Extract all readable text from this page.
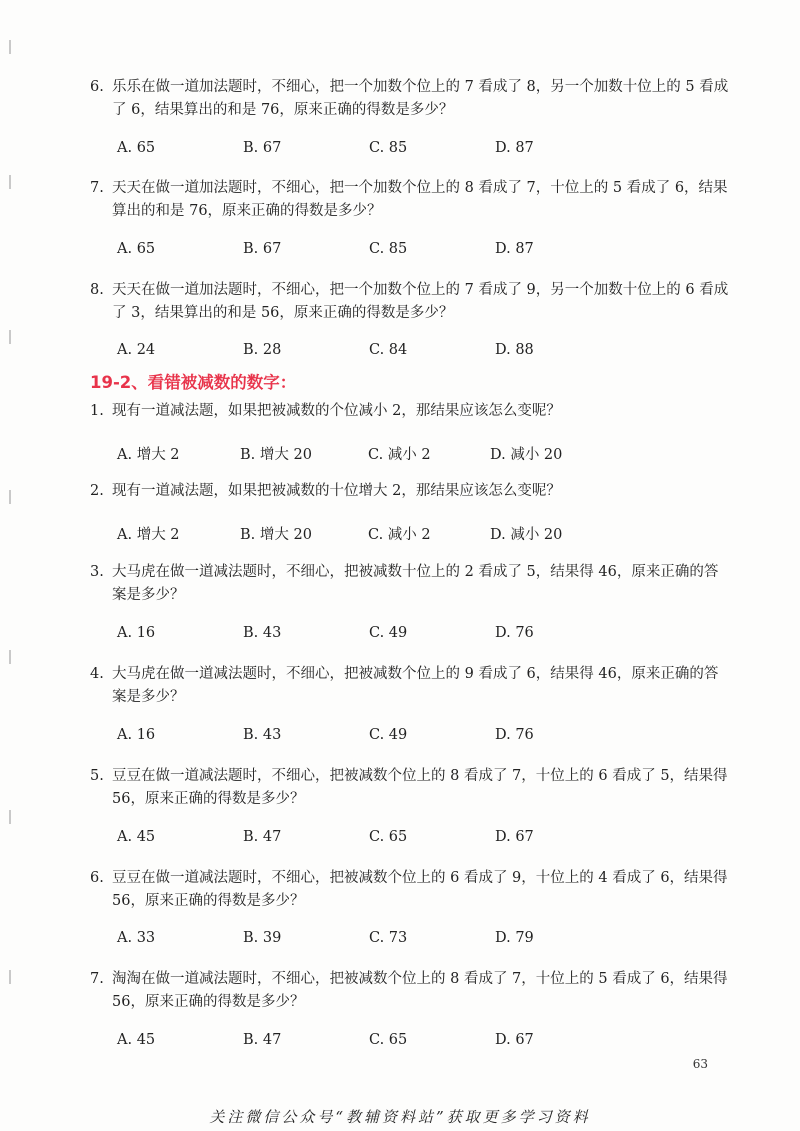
6. 乐乐在做一道加法题时，不细心，把一个加数个位上的 7 看成了 8，另一个加数十位上的 5 看成了 6，结果算出的和是 76，原来正确的得数是多少？
A. 65	B. 67	C. 85	D. 87
7. 天天在做一道加法题时，不细心，把一个加数个位上的 8 看成了 7，十位上的 5 看成了 6，结果算出的和是 76，原来正确的得数是多少？
A. 65	B. 67	C. 85	D. 87
8. 天天在做一道加法题时，不细心，把一个加数个位上的 7 看成了 9，另一个加数十位上的 6 看成了 3，结果算出的和是 56，原来正确的得数是多少？
A. 24	B. 28	C. 84	D. 88
19-2、看错被减数的数字：
1. 现有一道减法题，如果把被减数的个位减小 2，那结果应该怎么变呢？
A. 增大 2	B. 增大 20	C. 减小 2	D. 减小 20
2. 现有一道减法题，如果把被减数的十位增大 2，那结果应该怎么变呢？
A. 增大 2	B. 增大 20	C. 减小 2	D. 减小 20
3. 大马虎在做一道减法题时，不细心，把被减数十位上的 2 看成了 5，结果得 46，原来正确的答案是多少？
A. 16	B. 43	C. 49	D. 76
4. 大马虎在做一道减法题时，不细心，把被减数个位上的 9 看成了 6，结果得 46，原来正确的答案是多少？
A. 16	B. 43	C. 49	D. 76
5. 豆豆在做一道减法题时，不细心，把被减数个位上的 8 看成了 7，十位上的 6 看成了 5，结果得 56，原来正确的得数是多少？
A. 45	B. 47	C. 65	D. 67
6. 豆豆在做一道减法题时，不细心，把被减数个位上的 6 看成了 9，十位上的 4 看成了 6，结果得 56，原来正确的得数是多少？
A. 33	B. 39	C. 73	D. 79
7. 淘淘在做一道减法题时，不细心，把被减数个位上的 8 看成了 7，十位上的 5 看成了 6，结果得 56，原来正确的得数是多少？
A. 45	B. 47	C. 65	D. 67
63
关注微信公众号“教辅资料站”获取更多学习资料
